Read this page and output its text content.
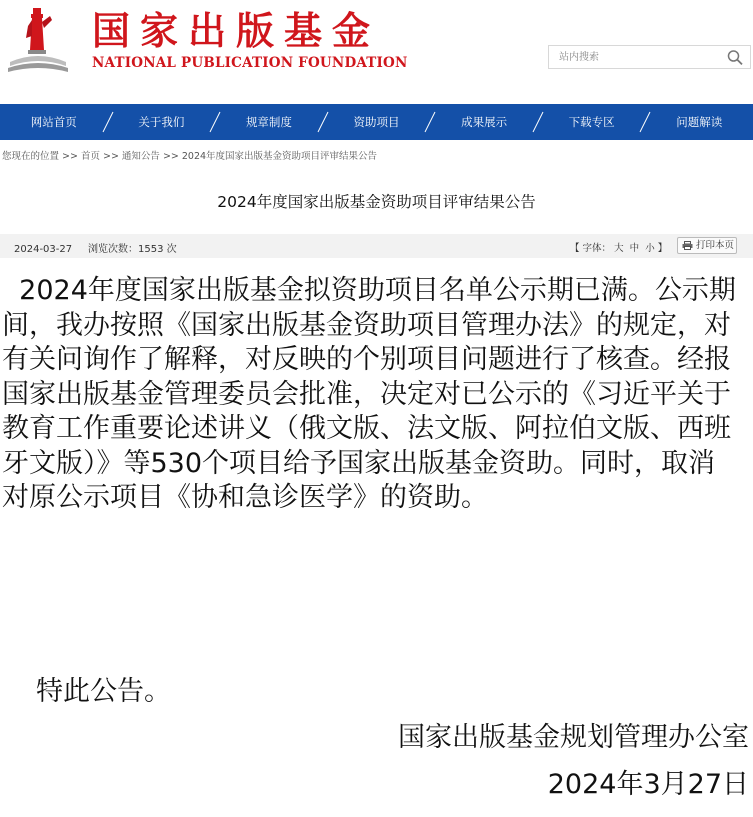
国家出版基金
NATIONAL PUBLICATION FOUNDATION
站内搜索
网站首页	关于我们	规章制度	资助项目	成果展示	下载专区	问题解读
您现在的位置 >> 首页 >> 通知公告 >> 2024年度国家出版基金资助项目评审结果公告
2024年度国家出版基金资助项目评审结果公告
2024-03-27 浏览次数：1553 次	【 字体： 大 中 小 】	打印本页

2024年度国家出版基金拟资助项目名单公示期已满。公示期间，我办按照《国家出版基金资助项目管理办法》的规定，对有关问询作了解释，对反映的个别项目问题进行了核查。经报国家出版基金管理委员会批准，决定对已公示的《习近平关于教育工作重要论述讲义（俄文版、法文版、阿拉伯文版、西班牙文版）》等530个项目给予国家出版基金资助。同时，取消对原公示项目《协和急诊医学》的资助。

特此公告。
国家出版基金规划管理办公室
2024年3月27日
